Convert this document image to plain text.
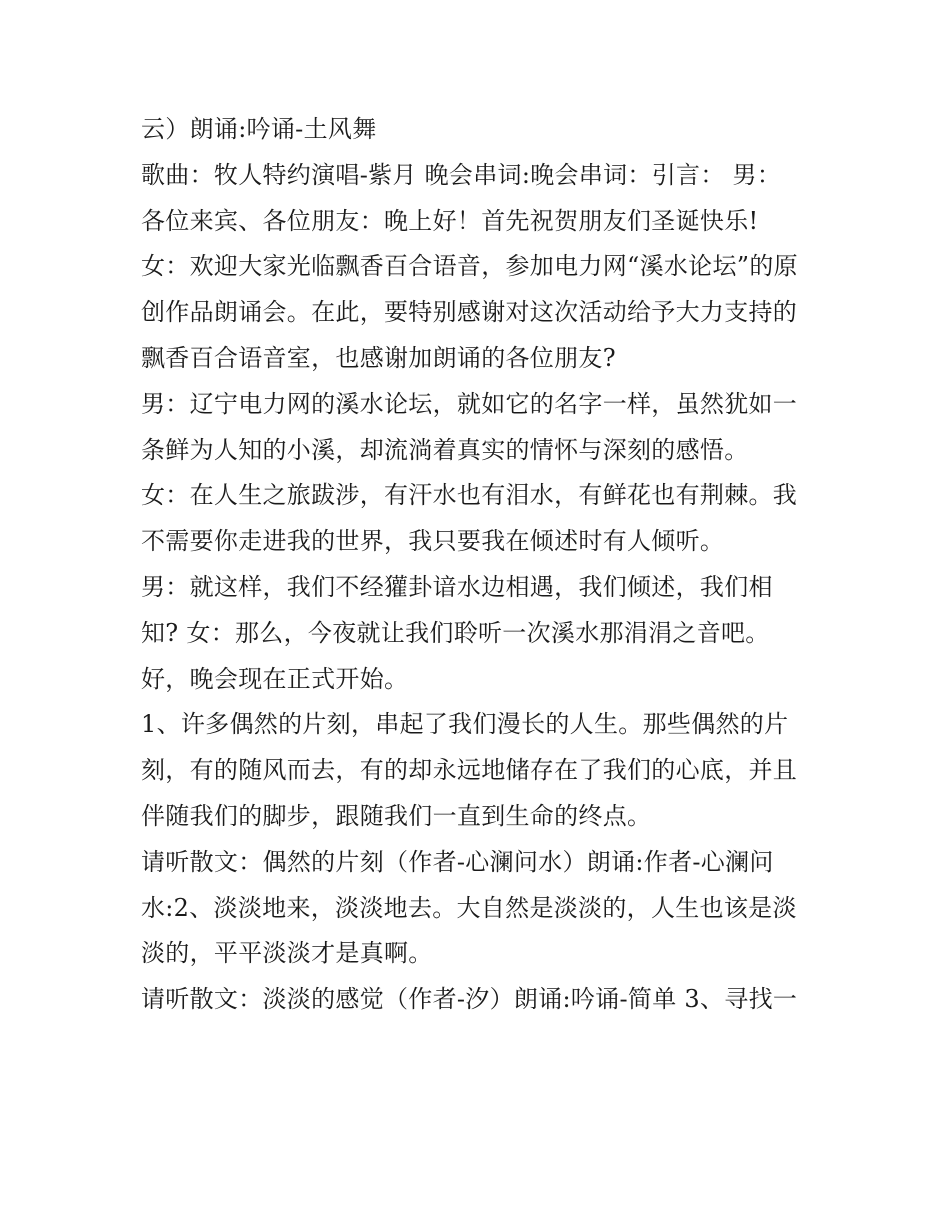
云）朗诵:吟诵-土风舞
歌曲：牧人特约演唱-紫月 晚会串词:晚会串词：引言： 男：
各位来宾、各位朋友：晚上好！首先祝贺朋友们圣诞快乐!
女：欢迎大家光临飘香百合语音，参加电力网“溪水论坛”的原
创作品朗诵会。在此，要特别感谢对这次活动给予大力支持的
飘香百合语音室，也感谢加朗诵的各位朋友?
男：辽宁电力网的溪水论坛，就如它的名字一样，虽然犹如一
条鲜为人知的小溪，却流淌着真实的情怀与深刻的感悟。
女：在人生之旅跋涉，有汗水也有泪水，有鲜花也有荆棘。我
不需要你走进我的世界，我只要我在倾述时有人倾听。
男：就这样，我们不经獾卦谙水边相遇，我们倾述，我们相
知? 女：那么，今夜就让我们聆听一次溪水那涓涓之音吧。
好，晚会现在正式开始。
1、许多偶然的片刻，串起了我们漫长的人生。那些偶然的片
刻，有的随风而去，有的却永远地储存在了我们的心底，并且
伴随我们的脚步，跟随我们一直到生命的终点。
请听散文：偶然的片刻（作者-心澜问水）朗诵:作者-心澜问
水:2、淡淡地来，淡淡地去。大自然是淡淡的，人生也该是淡
淡的，平平淡淡才是真啊。
请听散文：淡淡的感觉（作者-汐）朗诵:吟诵-简单 3、寻找一
